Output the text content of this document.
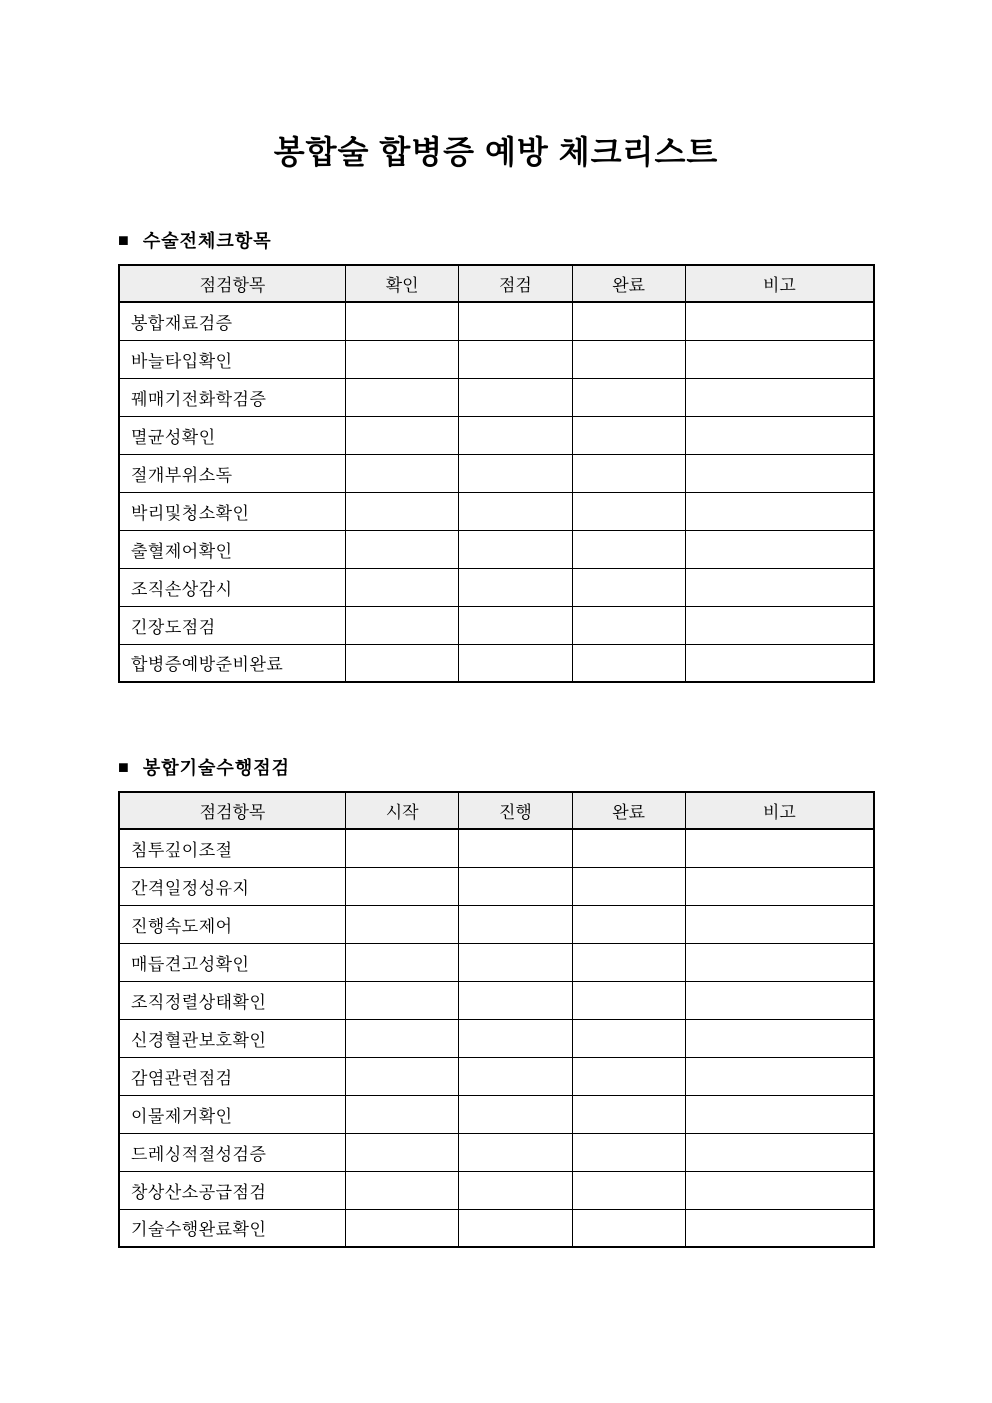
봉합술 합병증 예방 체크리스트
■ 수술전체크항목
점검항목	확인	점검	완료	비고
봉합재료검증				
바늘타입확인				
꿰매기전화학검증				
멸균성확인				
절개부위소독				
박리및청소확인				
출혈제어확인				
조직손상감시				
긴장도점검				
합병증예방준비완료				
■ 봉합기술수행점검
점검항목	시작	진행	완료	비고
침투깊이조절				
간격일정성유지				
진행속도제어				
매듭견고성확인				
조직정렬상태확인				
신경혈관보호확인				
감염관련점검				
이물제거확인				
드레싱적절성검증				
창상산소공급점검				
기술수행완료확인				
